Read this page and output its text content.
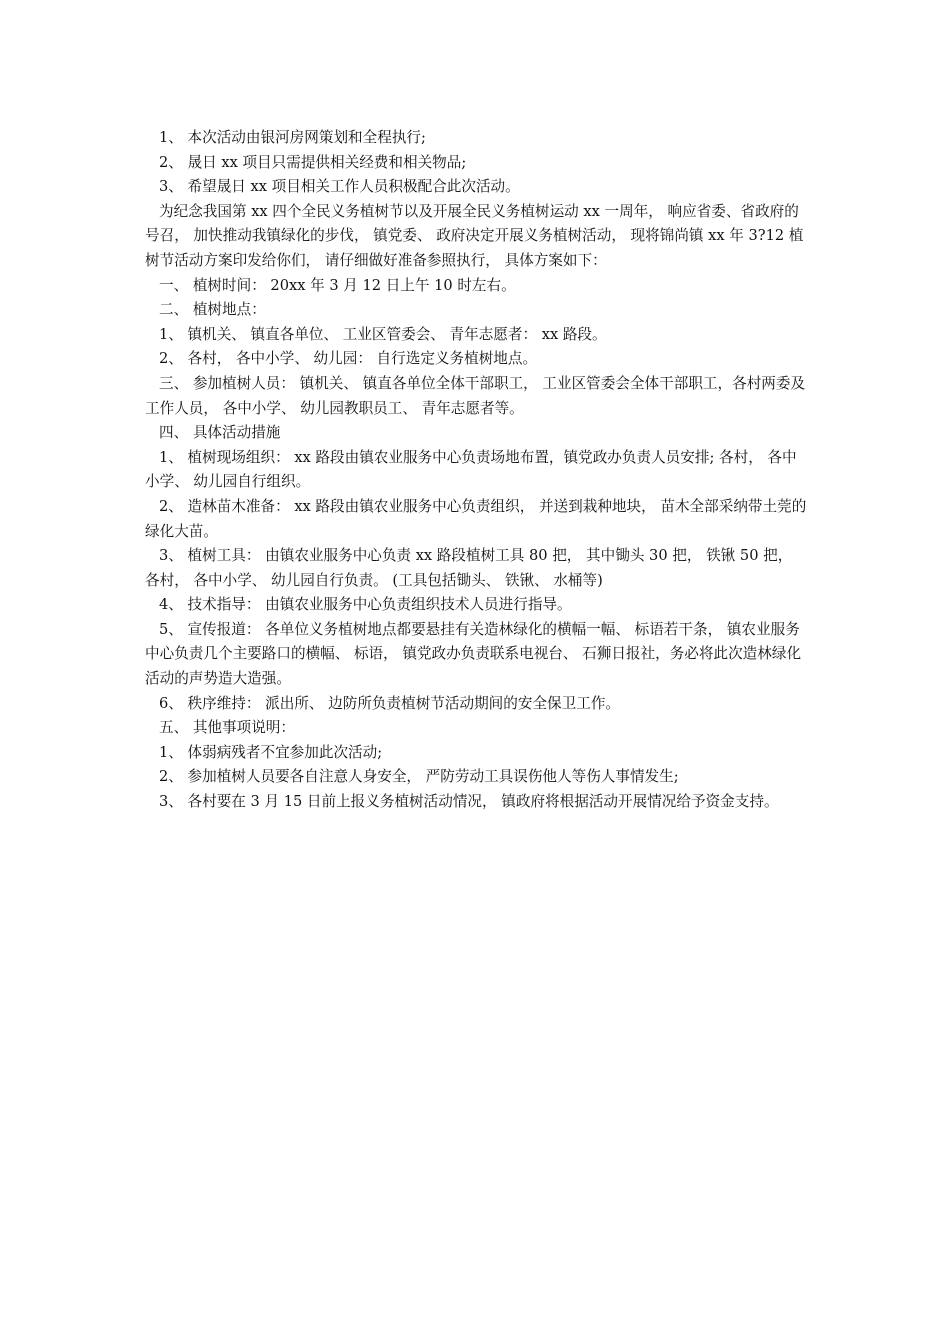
1、 本次活动由银河房网策划和全程执行;

2、 晟日 xx 项目只需提供相关经费和相关物品;

3、 希望晟日 xx 项目相关工作人员积极配合此次活动。

为纪念我国第 xx 四个全民义务植树节以及开展全民义务植树运动 xx 一周年， 响应省委、省政府的号召， 加快推动我镇绿化的步伐， 镇党委、 政府决定开展义务植树活动， 现将锦尚镇 xx 年 3?12 植树节活动方案印发给你们， 请仔细做好准备参照执行， 具体方案如下：

一、 植树时间： 20xx 年 3 月 12 日上午 10 时左右。

二、 植树地点：

1、 镇机关、 镇直各单位、 工业区管委会、 青年志愿者： xx 路段。

2、 各村， 各中小学、 幼儿园： 自行选定义务植树地点。

三、 参加植树人员： 镇机关、 镇直各单位全体干部职工， 工业区管委会全体干部职工，各村两委及工作人员， 各中小学、 幼儿园教职员工、 青年志愿者等。

四、 具体活动措施

1、 植树现场组织： xx 路段由镇农业服务中心负责场地布置，镇党政办负责人员安排; 各村， 各中小学、 幼儿园自行组织。

2、 造林苗木准备： xx 路段由镇农业服务中心负责组织， 并送到栽种地块， 苗木全部采纳带土莞的绿化大苗。

3、 植树工具： 由镇农业服务中心负责 xx 路段植树工具 80 把， 其中锄头 30 把， 铁锹 50 把， 各村， 各中小学、 幼儿园自行负责。 (工具包括锄头、 铁锹、 水桶等)

4、 技术指导： 由镇农业服务中心负责组织技术人员进行指导。

5、 宣传报道： 各单位义务植树地点都要悬挂有关造林绿化的横幅一幅、 标语若干条， 镇农业服务中心负责几个主要路口的横幅、 标语， 镇党政办负责联系电视台、 石狮日报社，务必将此次造林绿化活动的声势造大造强。

6、 秩序维持： 派出所、 边防所负责植树节活动期间的安全保卫工作。

五、 其他事项说明：

1、 体弱病残者不宜参加此次活动;

2、 参加植树人员要各自注意人身安全， 严防劳动工具误伤他人等伤人事情发生;

3、 各村要在 3 月 15 日前上报义务植树活动情况， 镇政府将根据活动开展情况给予资金支持。
